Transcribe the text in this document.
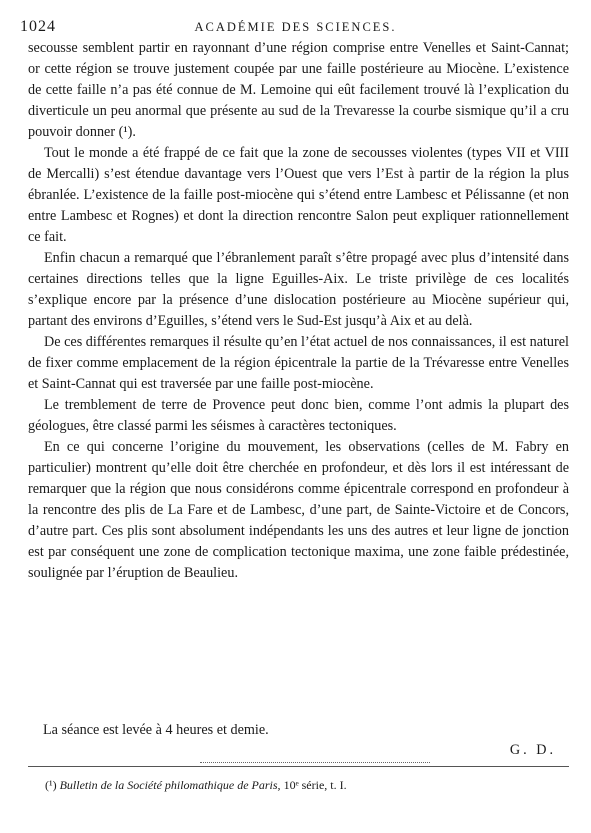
1024	ACADÉMIE DES SCIENCES.

secousse semblent partir en rayonnant d’une région comprise entre Venelles et Saint-Cannat; or cette région se trouve justement coupée par une faille postérieure au Miocène. L’existence de cette faille n’a pas été connue de M. Lemoine qui eût facilement trouvé là l’explication du diverticule un peu anormal que présente au sud de la Trevaresse la courbe sismique qu’il a cru pouvoir donner (¹).

Tout le monde a été frappé de ce fait que la zone de secousses violentes (types VII et VIII de Mercalli) s’est étendue davantage vers l’Ouest que vers l’Est à partir de la région la plus ébranlée. L’existence de la faille post-miocène qui s’étend entre Lambesc et Pélissanne (et non entre Lambesc et Rognes) et dont la direction rencontre Salon peut expliquer rationnellement ce fait.

Enfin chacun a remarqué que l’ébranlement paraît s’être propagé avec plus d’intensité dans certaines directions telles que la ligne Eguilles-Aix. Le triste privilège de ces localités s’explique encore par la présence d’une dislocation postérieure au Miocène supérieur qui, partant des environs d’Eguilles, s’étend vers le Sud-Est jusqu’à Aix et au delà.

De ces différentes remarques il résulte qu’en l’état actuel de nos connaissances, il est naturel de fixer comme emplacement de la région épicentrale la partie de la Trévaresse entre Venelles et Saint-Cannat qui est traversée par une faille post-miocène.

Le tremblement de terre de Provence peut donc bien, comme l’ont admis la plupart des géologues, être classé parmi les séismes à caractères tectoniques.

En ce qui concerne l’origine du mouvement, les observations (celles de M. Fabry en particulier) montrent qu’elle doit être cherchée en profondeur, et dès lors il est intéressant de remarquer que la région que nous considérons comme épicentrale correspond en profondeur à la rencontre des plis de La Fare et de Lambesc, d’une part, de Sainte-Victoire et de Concors, d’autre part. Ces plis sont absolument indépendants les uns des autres et leur ligne de jonction est par conséquent une zone de complication tectonique maxima, une zone faible prédestinée, soulignée par l’éruption de Beaulieu.

La séance est levée à 4 heures et demie.
G. D.
(¹) Bulletin de la Société philomathique de Paris, 10ᵉ série, t. I.
